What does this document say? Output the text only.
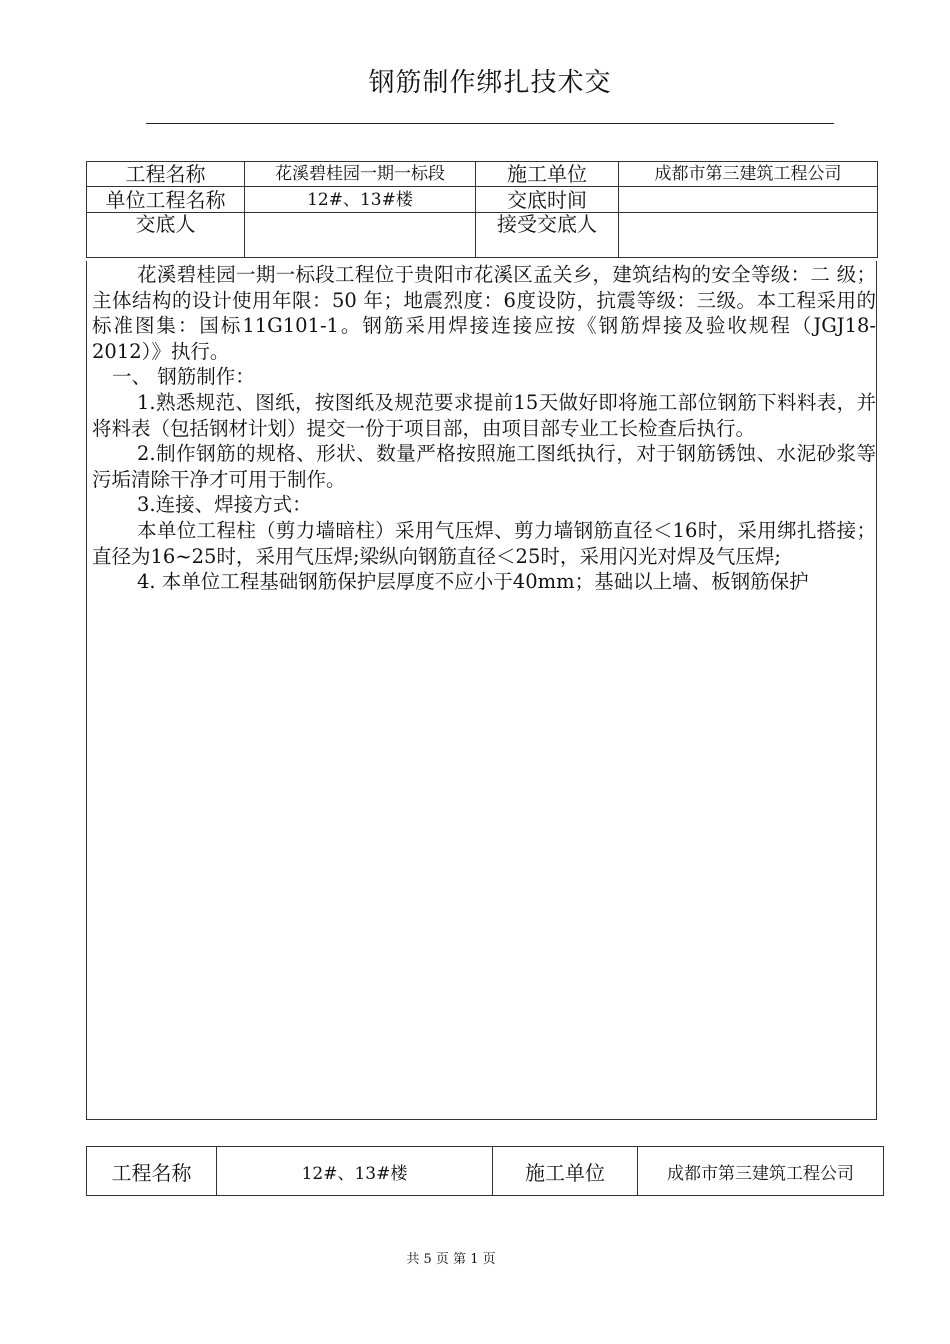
钢筋制作绑扎技术交
工程名称	花溪碧桂园一期一标段	施工单位	成都市第三建筑工程公司
单位工程名称	12#、13#楼	交底时间	
交底人		接受交底人	

花溪碧桂园一期一标段工程位于贵阳市花溪区孟关乡，建筑结构的安全等级：二 级；主体结构的设计使用年限：50 年；地震烈度：6度设防，抗震等级：三级。本工程采用的标准图集：国标11G101-1。钢筋采用焊接连接应按《钢筋焊接及验收规程（JGJ18-2012）》执行。

一、 钢筋制作：

1.熟悉规范、图纸，按图纸及规范要求提前15天做好即将施工部位钢筋下料料表，并将料表（包括钢材计划）提交一份于项目部，由项目部专业工长检查后执行。

2.制作钢筋的规格、形状、数量严格按照施工图纸执行，对于钢筋锈蚀、水泥砂浆等污垢清除干净才可用于制作。

3.连接、焊接方式：

本单位工程柱（剪力墙暗柱）采用气压焊、剪力墙钢筋直径＜16时，采用绑扎搭接；直径为16~25时，采用气压焊;梁纵向钢筋直径＜25时，采用闪光对焊及气压焊;

4. 本单位工程基础钢筋保护层厚度不应小于40mm；基础以上墙、板钢筋保护

工程名称	12#、13#楼	施工单位	成都市第三建筑工程公司
共 5 页 第 1 页
